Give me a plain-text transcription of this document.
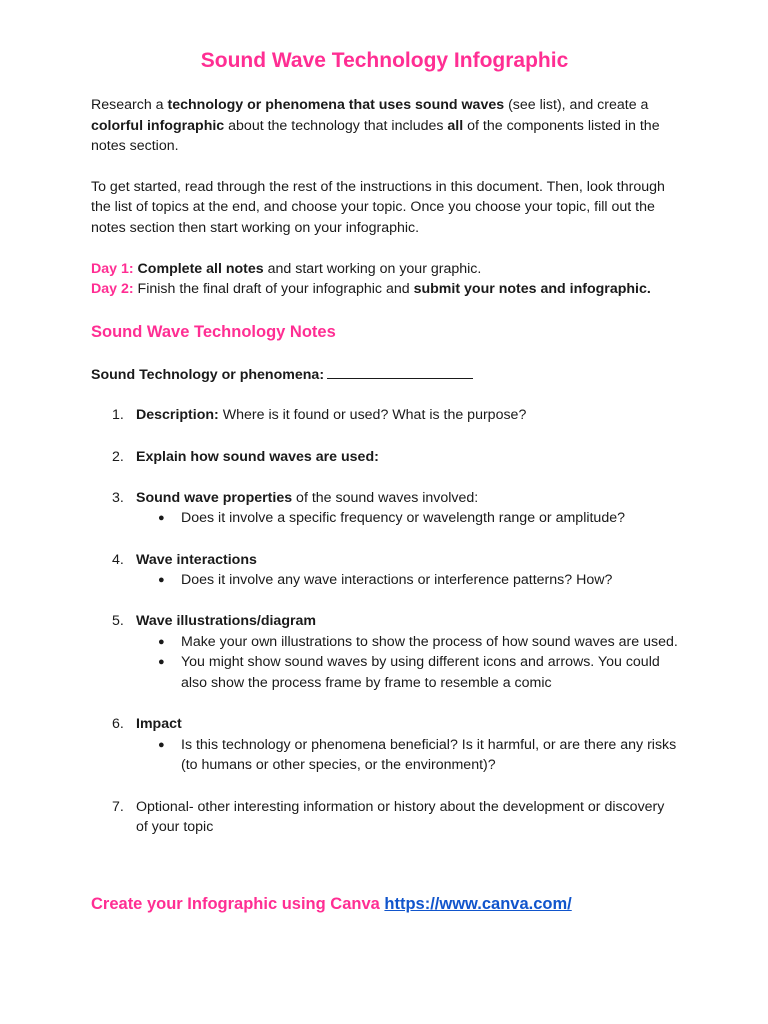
Sound Wave Technology Infographic

Research a technology or phenomena that uses sound waves (see list), and create a colorful infographic about the technology that includes all of the components listed in the notes section.

To get started, read through the rest of the instructions in this document. Then, look through the list of topics at the end, and choose your topic. Once you choose your topic, fill out the notes section then start working on your infographic.

Day 1: Complete all notes and start working on your graphic.
Day 2: Finish the final draft of your infographic and submit your notes and infographic.
Sound Wave Technology Notes
Sound Technology or phenomena:
1. Description: Where is it found or used? What is the purpose?
2. Explain how sound waves are used:
3. Sound wave properties of the sound waves involved:
● Does it involve a specific frequency or wavelength range or amplitude?
4. Wave interactions
● Does it involve any wave interactions or interference patterns? How?
5. Wave illustrations/diagram
● Make your own illustrations to show the process of how sound waves are used.
● You might show sound waves by using different icons and arrows. You could also show the process frame by frame to resemble a comic
6. Impact
● Is this technology or phenomena beneficial? Is it harmful, or are there any risks (to humans or other species, or the environment)?
7. Optional- other interesting information or history about the development or discovery of your topic
Create your Infographic using Canva https://www.canva.com/
